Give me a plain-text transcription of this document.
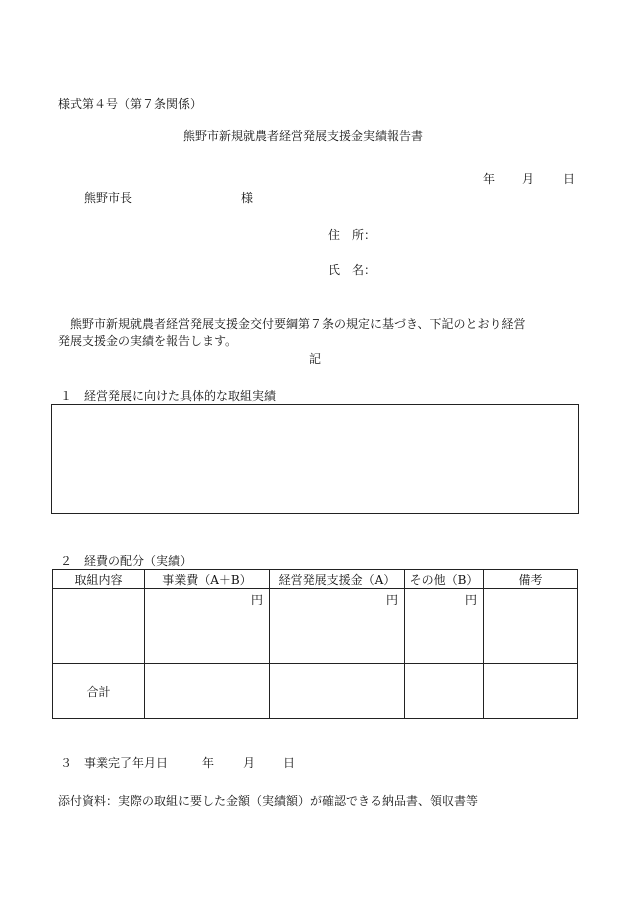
様式第４号（第７条関係）
熊野市新規就農者経営発展支援金実績報告書
年 月 日
熊野市長	様
住　所：
氏　名：
熊野市新規就農者経営発展支援金交付要綱第７条の規定に基づき、下記のとおり経営
発展支援金の実績を報告します。
記
１　経営発展に向けた具体的な取組実績
２　経費の配分（実績）
取組内容	事業費（A＋B）	経営発展支援金（A）	その他（B）	備考
	円	円	円	
合計				
３　事業完了年月日	年 月 日
添付資料：実際の取組に要した金額（実績額）が確認できる納品書、領収書等
